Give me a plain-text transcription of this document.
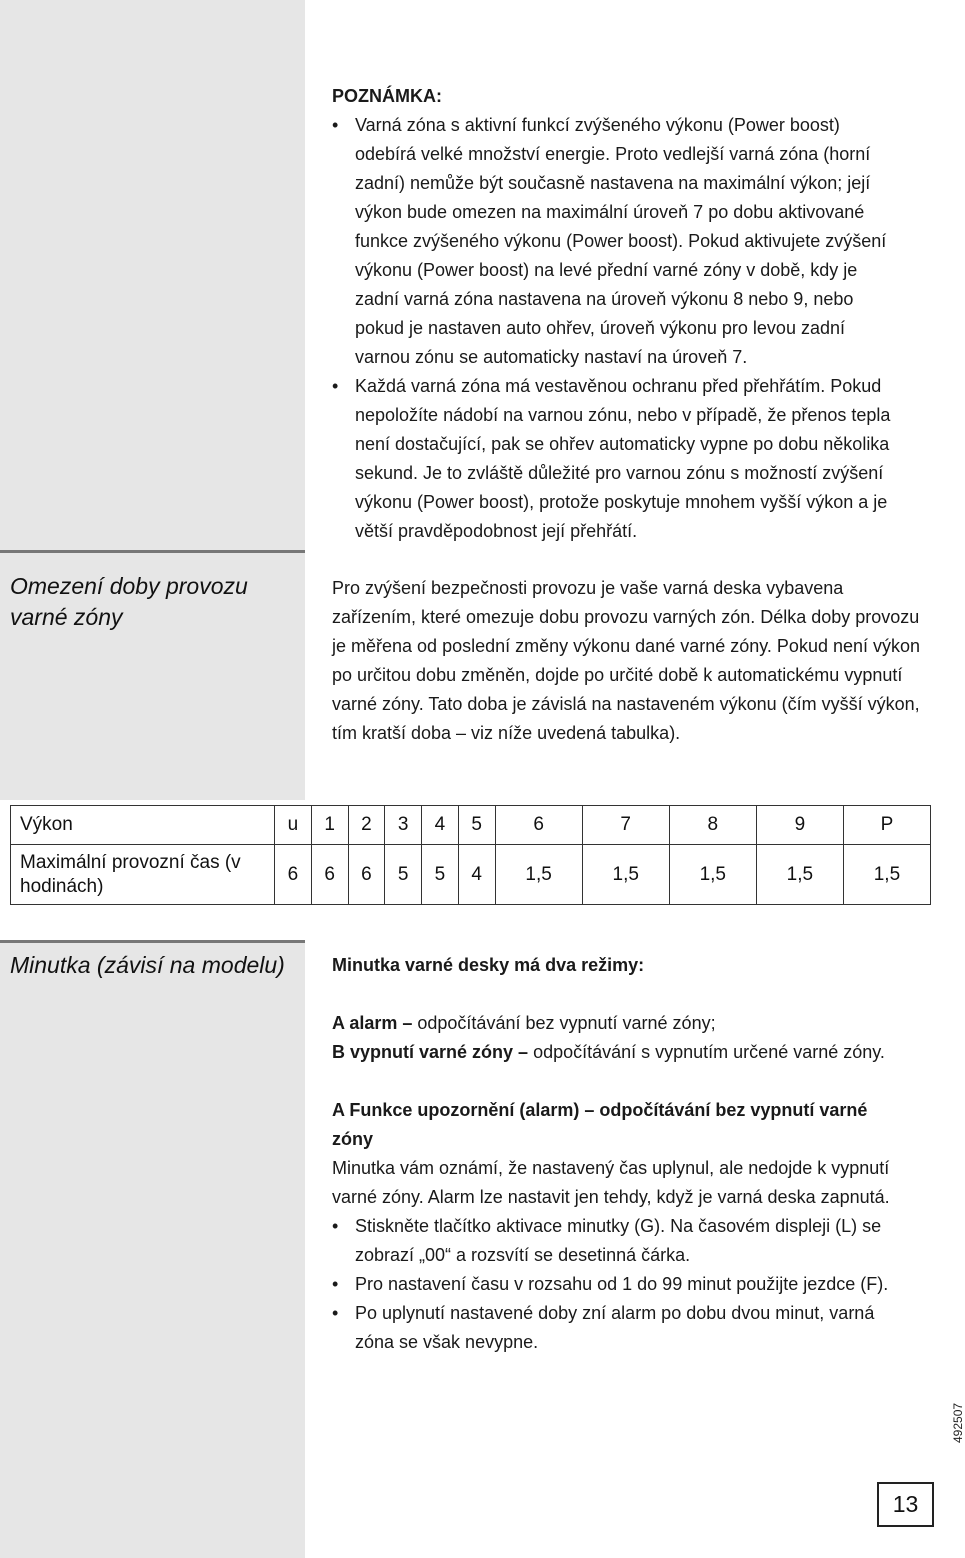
POZNÁMKA:

• Varná zóna s aktivní funkcí zvýšeného výkonu (Power boost) odebírá velké množství energie. Proto vedlejší varná zóna (horní zadní) nemůže být současně nastavena na maximální výkon; její výkon bude omezen na maximální úroveň 7 po dobu aktivované funkce zvýšeného výkonu (Power boost). Pokud aktivujete zvýšení výkonu (Power boost) na levé přední varné zóny v době, kdy je zadní varná zóna nastavena na úroveň výkonu 8 nebo 9, nebo pokud je nastaven auto ohřev, úroveň výkonu pro levou zadní varnou zónu se automaticky nastaví na úroveň 7.
• Každá varná zóna má vestavěnou ochranu před přehřátím. Pokud nepoložíte nádobí na varnou zónu, nebo v případě, že přenos tepla není dostačující, pak se ohřev automaticky vypne po dobu několika sekund. Je to zvláště důležité pro varnou zónu s možností zvýšení výkonu (Power boost), protože poskytuje mnohem vyšší výkon a je větší pravděpodobnost její přehřátí.
Omezení doby provozu varné zóny
Pro zvýšení bezpečnosti provozu je vaše varná deska vybavena zařízením, které omezuje dobu provozu varných zón. Délka doby provozu je měřena od poslední změny výkonu dané varné zóny. Pokud není výkon po určitou dobu změněn, dojde po určité době k automatickému vypnutí varné zóny. Tato doba je závislá na nastaveném výkonu (čím vyšší výkon, tím kratší doba – viz níže uvedená tabulka).
Výkon	u	1	2	3	4	5	6	7	8	9	P
Maximální provozní čas (v hodinách)	6	6	6	5	5	4	1,5	1,5	1,5	1,5	1,5
Minutka (závisí na modelu)	Minutka varné desky má dva režimy:

A alarm – odpočítávání bez vypnutí varné zóny;

B vypnutí varné zóny – odpočítávání s vypnutím určené varné zóny.

A Funkce upozornění (alarm) – odpočítávání bez vypnutí varné zóny

Minutka vám oznámí, že nastavený čas uplynul, ale nedojde k vypnutí varné zóny. Alarm lze nastavit jen tehdy, když je varná deska zapnutá.

• Stiskněte tlačítko aktivace minutky (G). Na časovém displeji (L) se zobrazí „00“ a rozsvítí se desetinná čárka.
• Pro nastavení času v rozsahu od 1 do 99 minut použijte jezdce (F).
• Po uplynutí nastavené doby zní alarm po dobu dvou minut, varná zóna se však nevypne.
492507
13
